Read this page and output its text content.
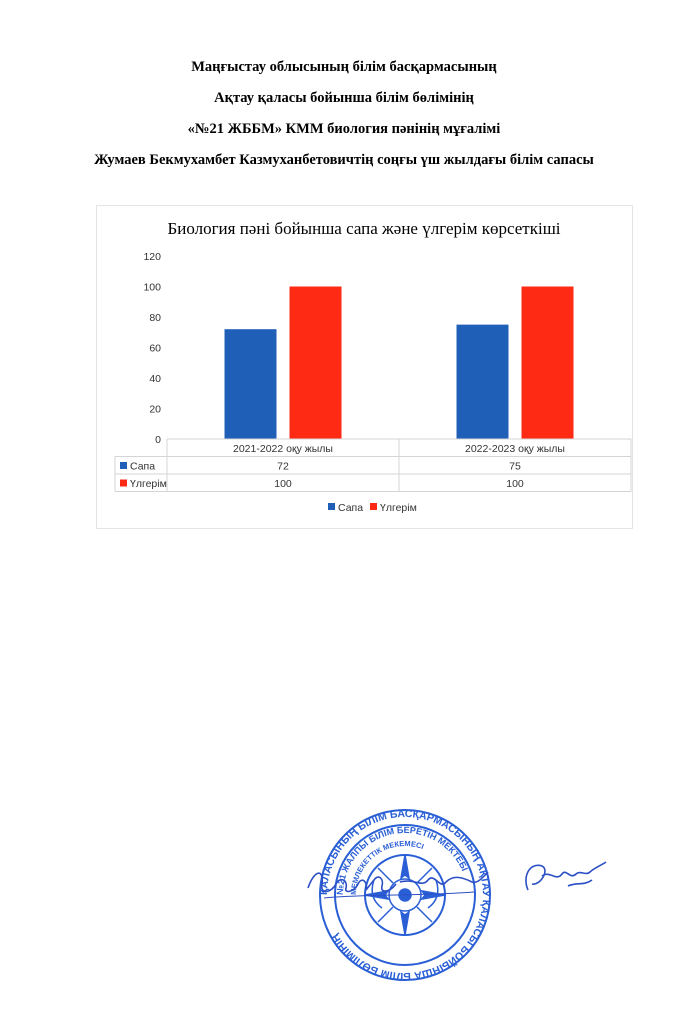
Маңғыстау облысының білім басқармасының
Ақтау қаласы бойынша білім бөлімінің
«№21 ЖББМ» КММ биология пәнінің мұғалімі
Жумаев Бекмухамбет Казмуханбетовичтің соңғы үш жылдағы білім сапасы
Биология пәні бойынша сапа және үлгерім көрсеткіші
0
20
40
60
80
100
120
2021-2022 оқу жылы
72
100
2022-2023 оқу жылы
75
100
Сапа
Үлгерім
Сапа Үлгерім
ҚАЛАСЫНЫҢ БІЛІМ БАСҚАРМАСЫНЫҢ АҚТАУ ҚАЛАСЫ БОЙЫНША БІЛІМ БӨЛІМІНІҢ
№21 ЖАЛПЫ БІЛІМ БЕРЕТІН МЕКТЕБІ
МЕМЛЕКЕТТІК МЕКЕМЕСІ
